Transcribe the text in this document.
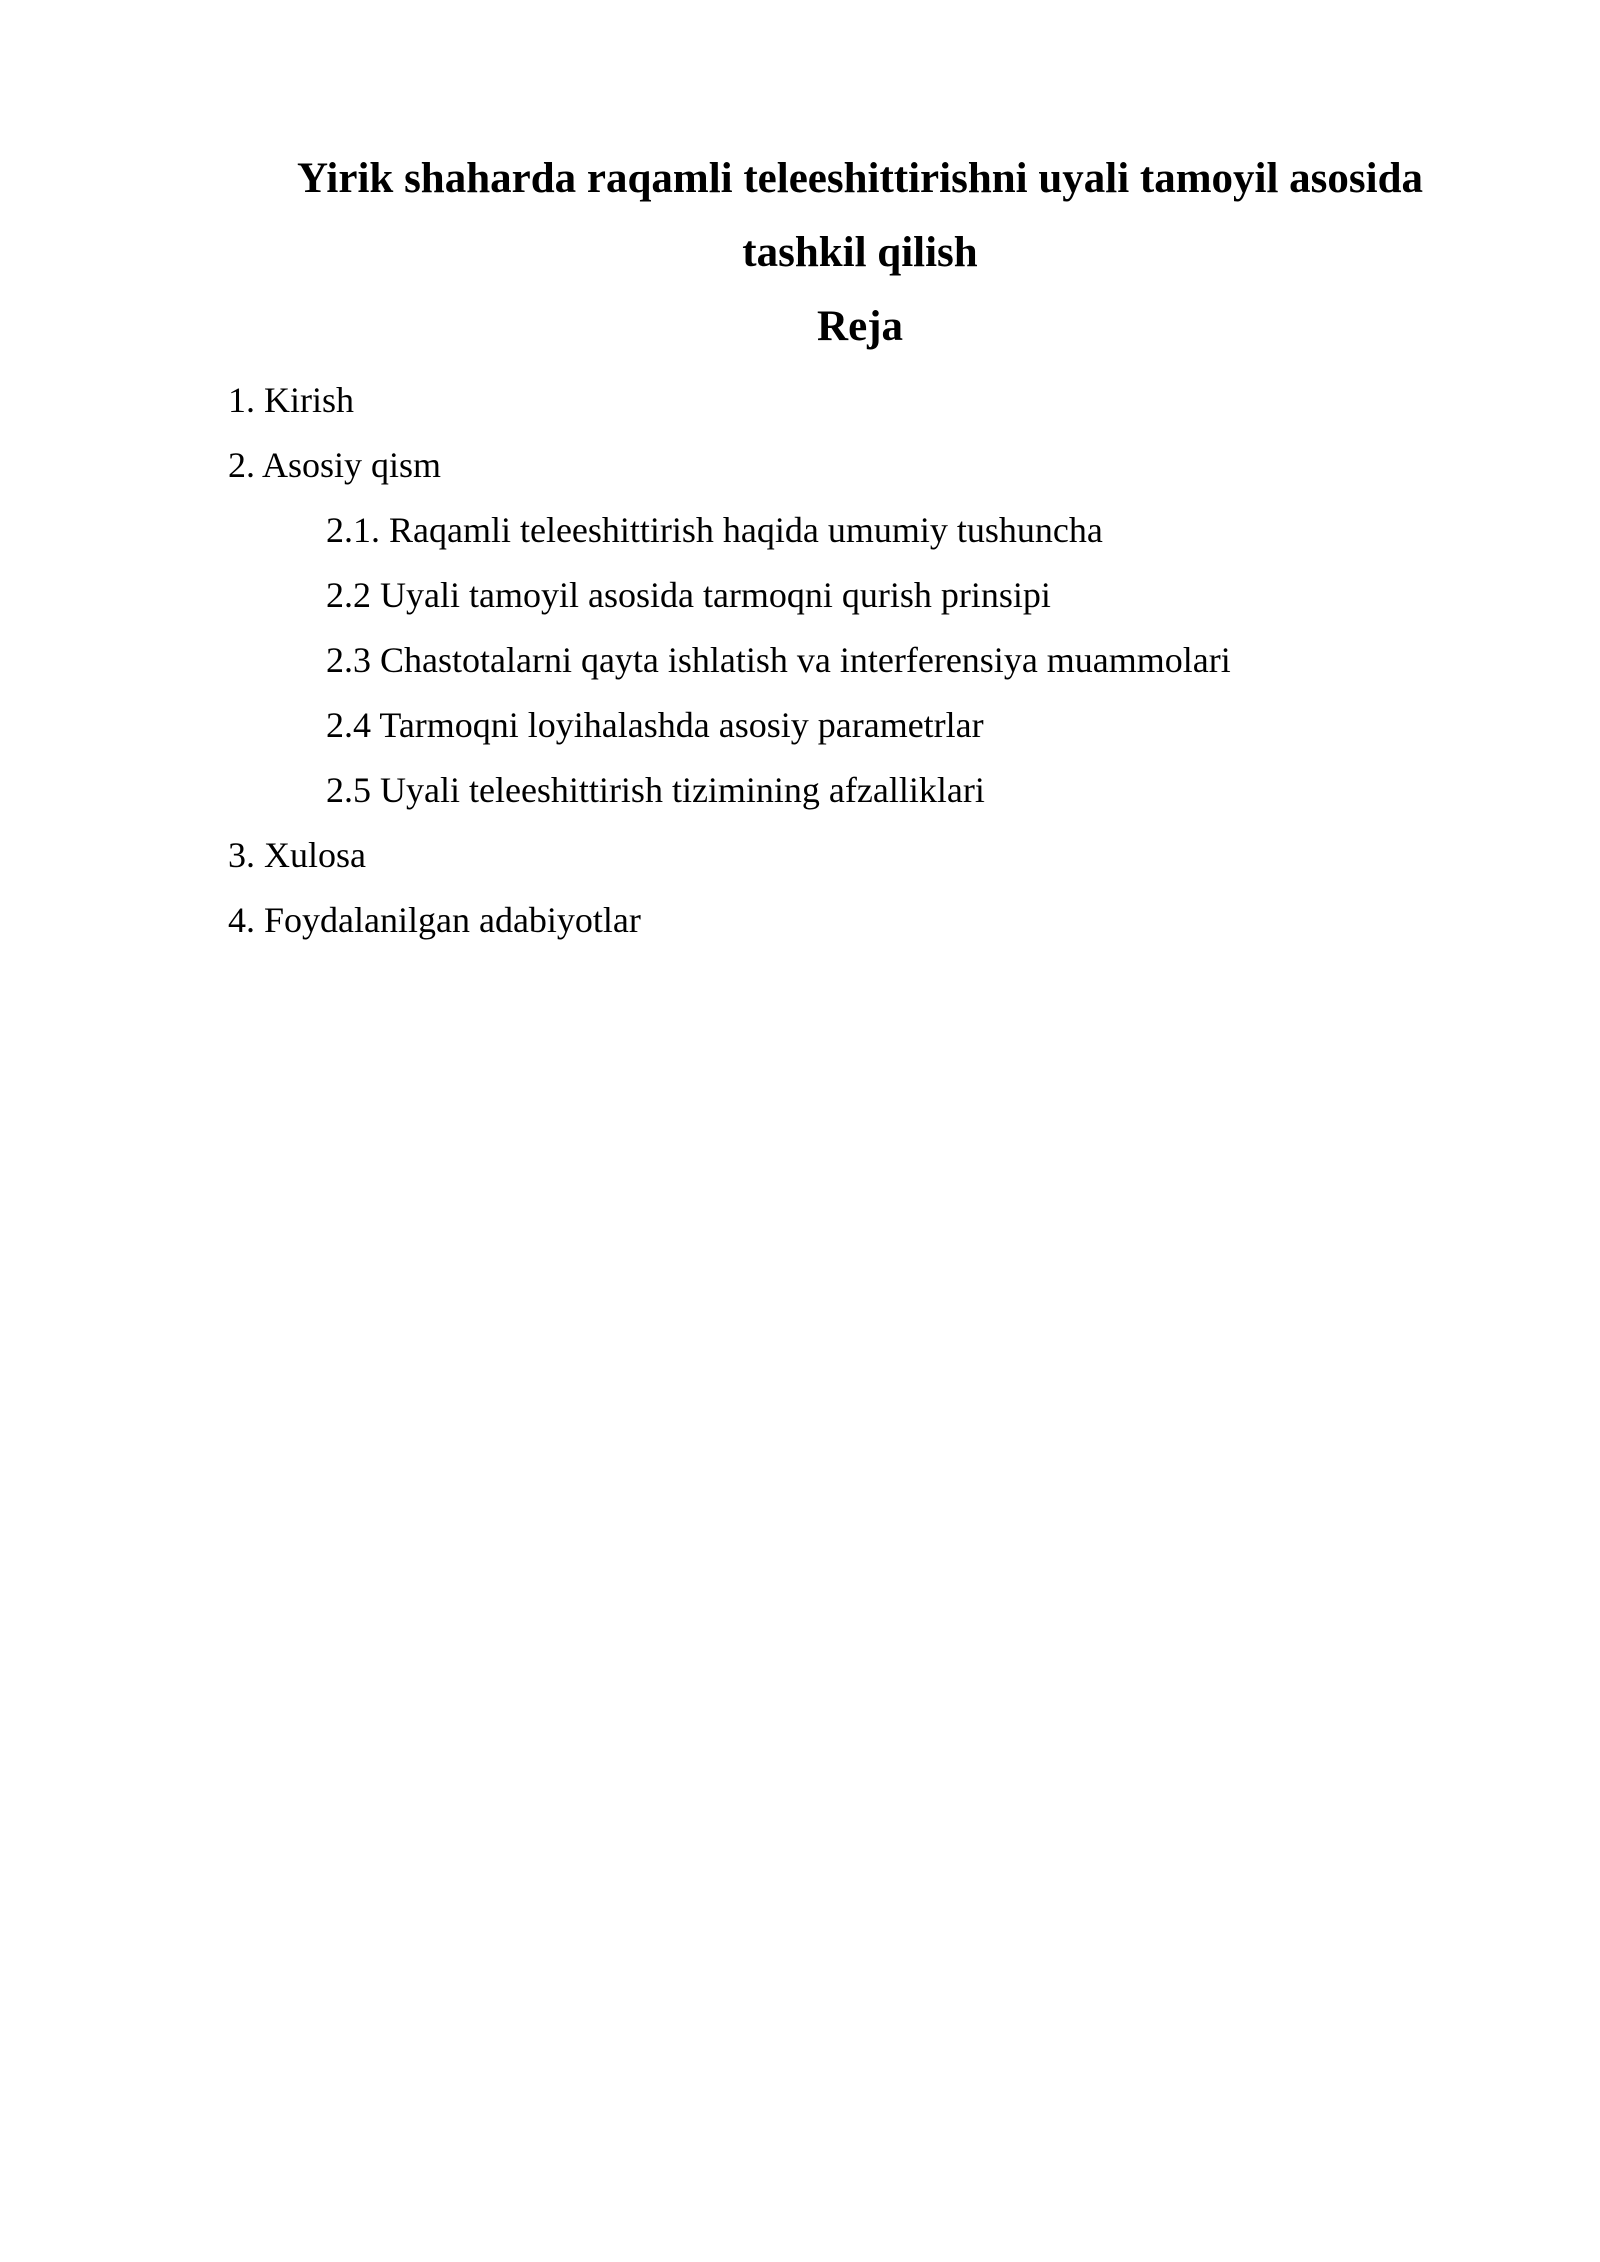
Yirik shaharda raqamli teleeshittirishni uyali tamoyil asosida
tashkil qilish
Reja
1. Kirish
2. Asosiy qism
2.1. Raqamli teleeshittirish haqida umumiy tushuncha
2.2 Uyali tamoyil asosida tarmoqni qurish prinsipi
2.3 Chastotalarni qayta ishlatish va interferensiya muammolari
2.4 Tarmoqni loyihalashda asosiy parametrlar
2.5 Uyali teleeshittirish tizimining afzalliklari
3. Xulosa
4. Foydalanilgan adabiyotlar
